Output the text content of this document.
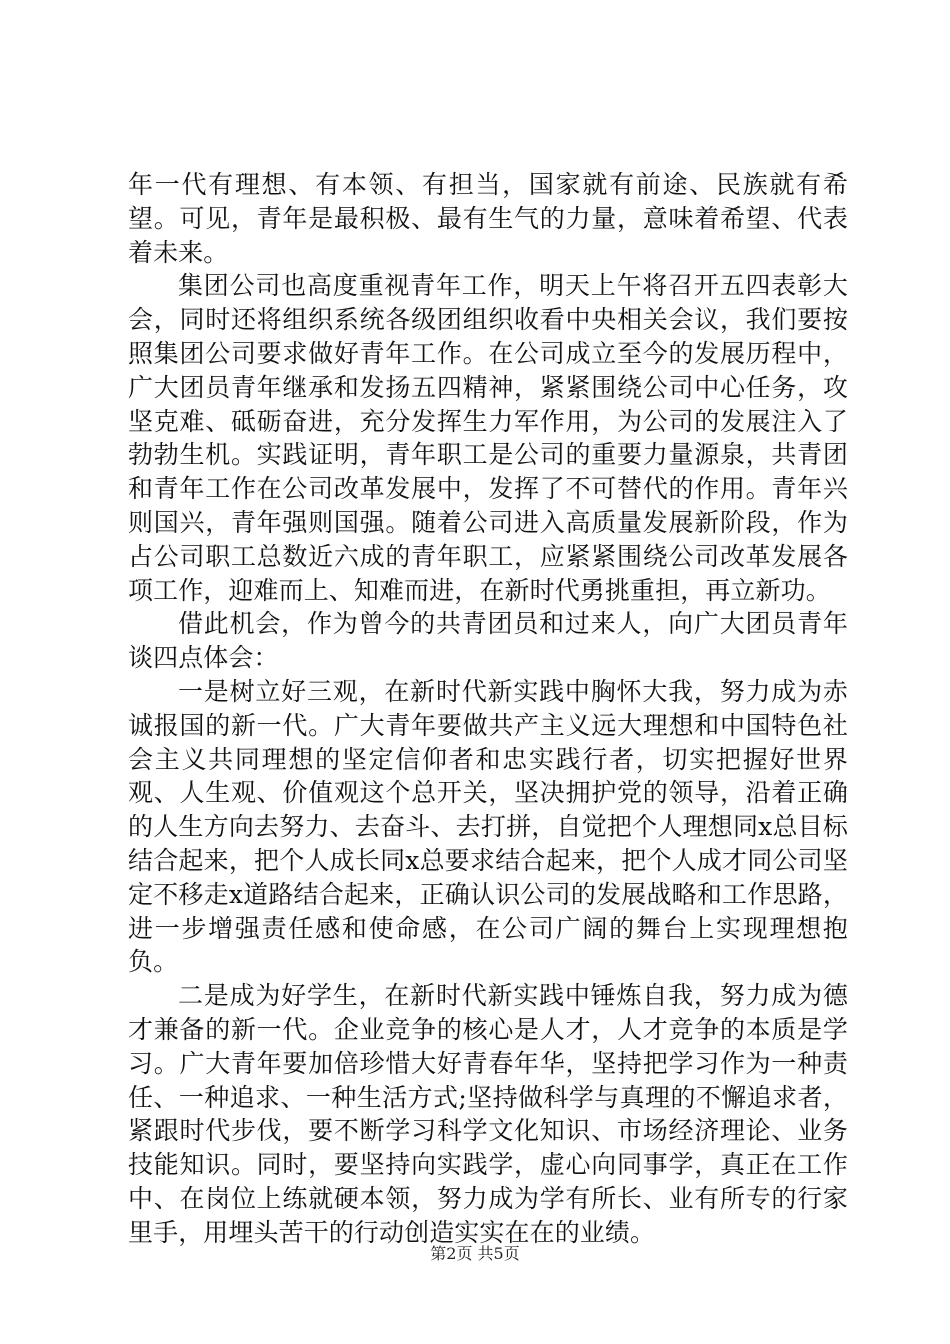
年一代有理想、有本领、有担当，国家就有前途、民族就有希望。可见，青年是最积极、最有生气的力量，意味着希望、代表着未来。

集团公司也高度重视青年工作，明天上午将召开五四表彰大会，同时还将组织系统各级团组织收看中央相关会议，我们要按照集团公司要求做好青年工作。在公司成立至今的发展历程中，广大团员青年继承和发扬五四精神，紧紧围绕公司中心任务，攻坚克难、砥砺奋进，充分发挥生力军作用，为公司的发展注入了勃勃生机。实践证明，青年职工是公司的重要力量源泉，共青团和青年工作在公司改革发展中，发挥了不可替代的作用。青年兴则国兴，青年强则国强。随着公司进入高质量发展新阶段，作为占公司职工总数近六成的青年职工，应紧紧围绕公司改革发展各项工作，迎难而上、知难而进，在新时代勇挑重担，再立新功。

借此机会，作为曾今的共青团员和过来人，向广大团员青年谈四点体会：

一是树立好三观，在新时代新实践中胸怀大我，努力成为赤诚报国的新一代。广大青年要做共产主义远大理想和中国特色社会主义共同理想的坚定信仰者和忠实践行者，切实把握好世界观、人生观、价值观这个总开关，坚决拥护党的领导，沿着正确的人生方向去努力、去奋斗、去打拼，自觉把个人理想同x总目标结合起来，把个人成长同x总要求结合起来，把个人成才同公司坚定不移走x道路结合起来，正确认识公司的发展战略和工作思路，进一步增强责任感和使命感，在公司广阔的舞台上实现理想抱负。

二是成为好学生，在新时代新实践中锤炼自我，努力成为德才兼备的新一代。企业竞争的核心是人才，人才竞争的本质是学习。广大青年要加倍珍惜大好青春年华，坚持把学习作为一种责任、一种追求、一种生活方式;坚持做科学与真理的不懈追求者，紧跟时代步伐，要不断学习科学文化知识、市场经济理论、业务技能知识。同时，要坚持向实践学，虚心向同事学，真正在工作中、在岗位上练就硬本领，努力成为学有所长、业有所专的行家里手，用埋头苦干的行动创造实实在在的业绩。

第2页 共5页
